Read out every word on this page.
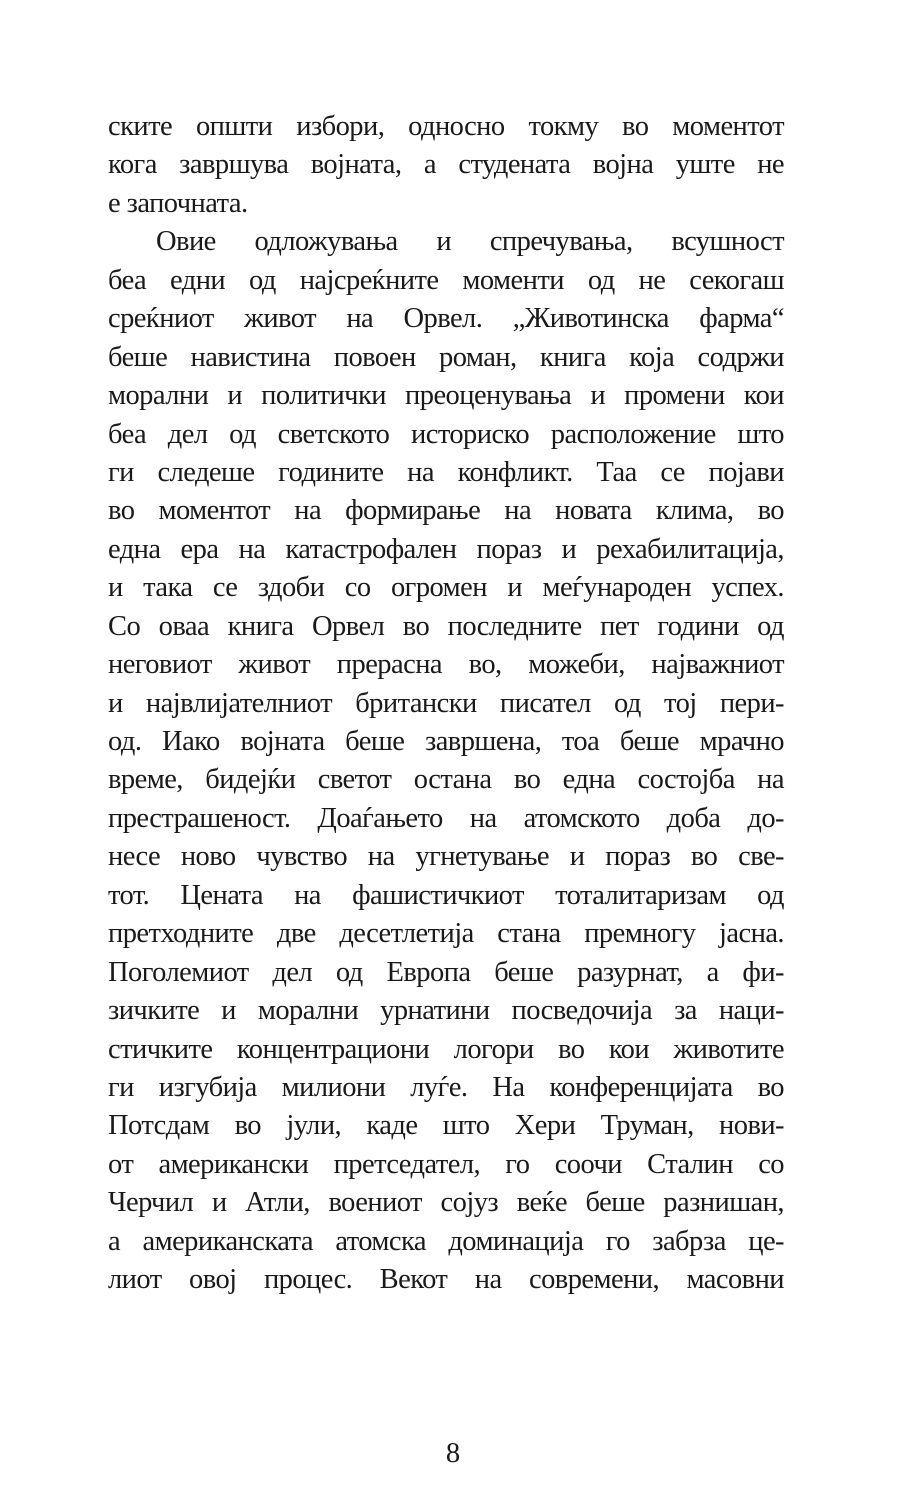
ските општи избори, односно токму во моментот
кога завршува војната, а студената војна уште не
е започната.
Овие одложувања и спречувања, всушност
беа едни од најсреќните моменти од не секогаш
среќниот живот на Орвел. „Животинска фарма“
беше навистина повоен роман, книга која содржи
морални и политички преоценувања и промени кои
беа дел од светското историско расположение што
ги следеше годините на конфликт. Таа се појави
во моментот на формирање на новата клима, во
една ера на катастрофален пораз и рехабилитација,
и така се здоби со огромен и меѓународен успех.
Со оваа книга Орвел во последните пет години од
неговиот живот прерасна во, можеби, најважниот
и највлијателниот британски писател од тој пери-
од. Иако војната беше завршена, тоа беше мрачно
време, бидејќи светот остана во една состојба на
престрашеност. Доаѓањето на атомското доба до-
несе ново чувство на угнетување и пораз во све-
тот. Цената на фашистичкиот тоталитаризам од
претходните две десетлетија стана премногу јасна.
Поголемиот дел од Европа беше разурнат, а фи-
зичките и морални урнатини посведочија за наци-
стичките концентрациони логори во кои животите
ги изгубија милиони луѓе. На конференцијата во
Потсдам во јули, каде што Хери Труман, нови-
от американски претседател, го соочи Сталин со
Черчил и Атли, воениот сојуз веќе беше разнишан,
а американската атомска доминација го забрза це-
лиот овој процес. Векот на современи, масовни
8
